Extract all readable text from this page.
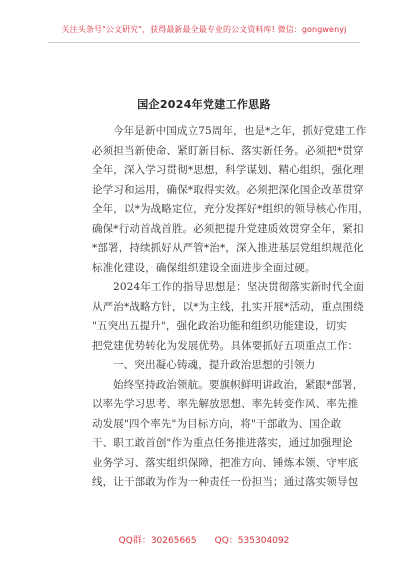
关注头条号"公文研究"，获得最新最全最专业的公文资料库! 微信：gongwenyj
国企2024年党建工作思路
今年是新中国成立75周年，也是*之年，抓好党建工作
必须担当新使命、紧盯新目标、落实新任务。必须把*贯穿
全年，深入学习贯彻*思想，科学谋划、精心组织，强化理
论学习和运用，确保*取得实效。必须把深化国企改革贯穿
全年，以*为战略定位，充分发挥好*组织的领导核心作用，
确保*行动首战首胜。必须把提升党建质效贯穿全年，紧扣
*部署，持续抓好从严管*治*，深入推进基层党组织规范化
标准化建设，确保组织建设全面进步全面过硬。
2024年工作的指导思想是：坚决贯彻落实新时代全面
从严治*战略方针，以*为主线，扎实开展*活动，重点围绕
"五突出五提升"，强化政治功能和组织功能建设，切实
把党建优势转化为发展优势。具体要抓好五项重点工作：
一、突出凝心铸魂，提升政治思想的引领力
始终坚持政治领航。要旗帜鲜明讲政治，紧跟*部署，
以率先学习思考、率先解放思想、率先转变作风、率先推
动发展"四个率先"为目标方向，将"干部敢为、国企敢
干、职工敢首创"作为重点任务推进落实，通过加强理论
业务学习、落实组织保障，把准方向、锤炼本领、守牢底
线，让干部敢为作为一种责任一份担当；通过落实领导包
QQ群：30265665 QQ：535304092
